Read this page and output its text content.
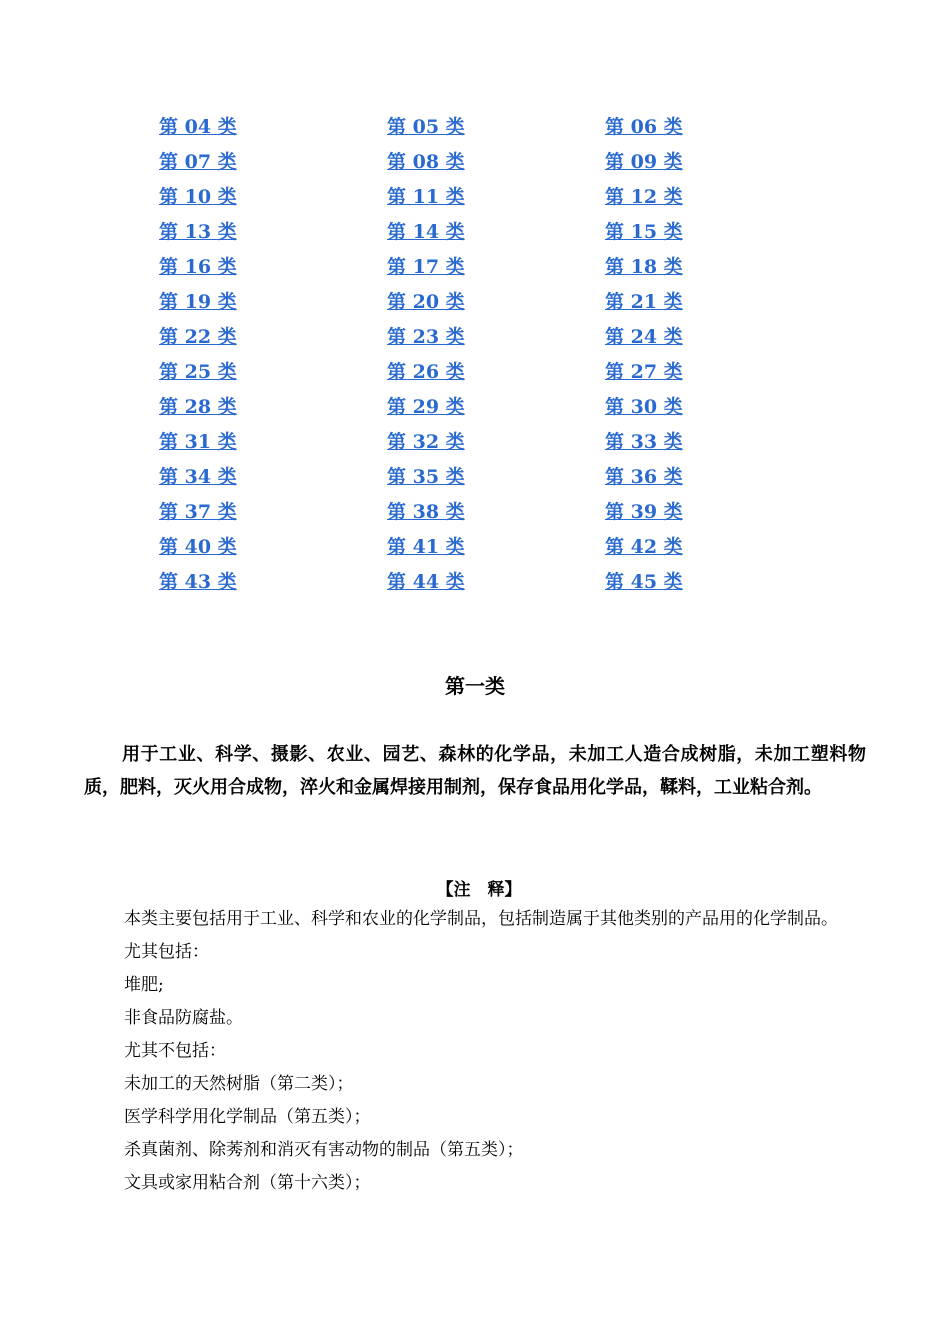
第 04 类	第 05 类	第 06 类
第 07 类	第 08 类	第 09 类
第 10 类	第 11 类	第 12 类
第 13 类	第 14 类	第 15 类
第 16 类	第 17 类	第 18 类
第 19 类	第 20 类	第 21 类
第 22 类	第 23 类	第 24 类
第 25 类	第 26 类	第 27 类
第 28 类	第 29 类	第 30 类
第 31 类	第 32 类	第 33 类
第 34 类	第 35 类	第 36 类
第 37 类	第 38 类	第 39 类
第 40 类	第 41 类	第 42 类
第 43 类	第 44 类	第 45 类
第一类

用于工业、科学、摄影、农业、园艺、森林的化学品，未加工人造合成树脂，未加工塑料物质，肥料，灭火用合成物，淬火和金属焊接用制剂，保存食品用化学品，鞣料，工业粘合剂。

【注　释】

本类主要包括用于工业、科学和农业的化学制品，包括制造属于其他类别的产品用的化学制品。

尤其包括：

堆肥;

非食品防腐盐。

尤其不包括：

未加工的天然树脂（第二类）；

医学科学用化学制品（第五类）；

杀真菌剂、除莠剂和消灭有害动物的制品（第五类）；

文具或家用粘合剂（第十六类）；
